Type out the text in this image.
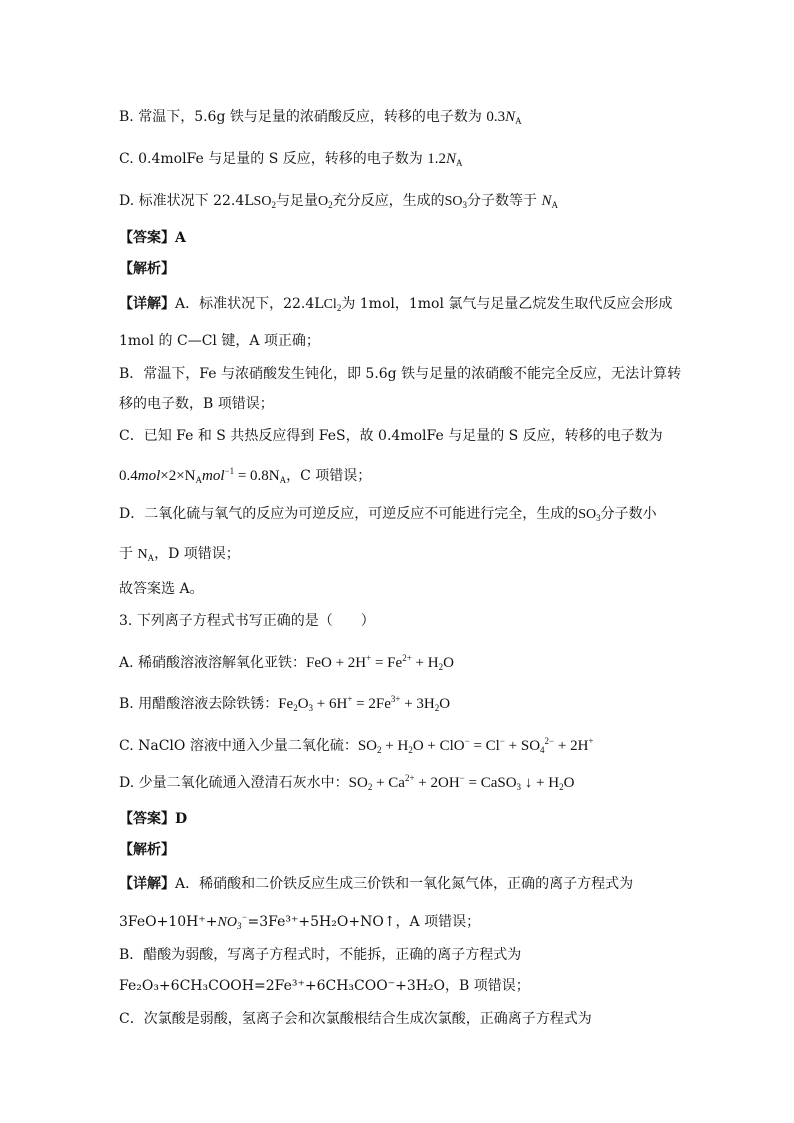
B. 常温下，5.6g 铁与足量的浓硝酸反应，转移的电子数为 $0.3N_A$
C. 0.4molFe 与足量的 S 反应，转移的电子数为 $1.2N_A$
D. 标准状况下 $22.4LSO_2$与足量$O_2$充分反应，生成的$SO_3$分子数等于 $N_A$
【答案】A
【解析】
【详解】A．标准状况下，22.4LCl$_2$为 1mol，1mol 氯气与足量乙烷发生取代反应会形成
1mol 的 C—Cl 键，A 项正确；
B．常温下，Fe 与浓硝酸发生钝化，即 5.6g 铁与足量的浓硝酸不能完全反应，无法计算转
移的电子数，B 项错误；
C．已知 Fe 和 S 共热反应得到 FeS，故 0.4molFe 与足量的 S 反应，转移的电子数为
$0.4mol\times 2\times N_Amol^{-1} = 0.8N_A$，C 项错误；
D．二氧化硫与氧气的反应为可逆反应，可逆反应不可能进行完全，生成的$SO_3$分子数小
于 $N_A$，D 项错误；
故答案选 A。
3. 下列离子方程式书写正确的是（　　）
A. 稀硝酸溶液溶解氧化亚铁：FeO + $2H^+ = Fe^{2+} + H_2O$
B. 用醋酸溶液去除铁锈：$Fe_2O_3 + 6H^+ = 2Fe^{3+} + 3H_2O$
C. NaClO 溶液中通入少量二氧化硫：$SO_2 + H_2O + ClO^- = Cl^- + SO_4^{2-} + 2H^+$
D. 少量二氧化硫通入澄清石灰水中：$SO_2 + Ca^{2+} + 2OH^-$ = CaSO$_3$ ↓ + $H_2O$
【答案】D
【解析】
【详解】A．稀硝酸和二价铁反应生成三价铁和一氧化氮气体，正确的离子方程式为
$3FeO+10H^++NO_3^-=3Fe^{3+}+5H_2O+NO↑$，A 项错误；
B．醋酸为弱酸，写离子方程式时，不能拆，正确的离子方程式为
Fe₂O₃+6CH₃COOH=2Fe³⁺+6CH₃COO⁻+3H₂O，B 项错误；
C．次氯酸是弱酸，氢离子会和次氯酸根结合生成次氯酸，正确离子方程式为
